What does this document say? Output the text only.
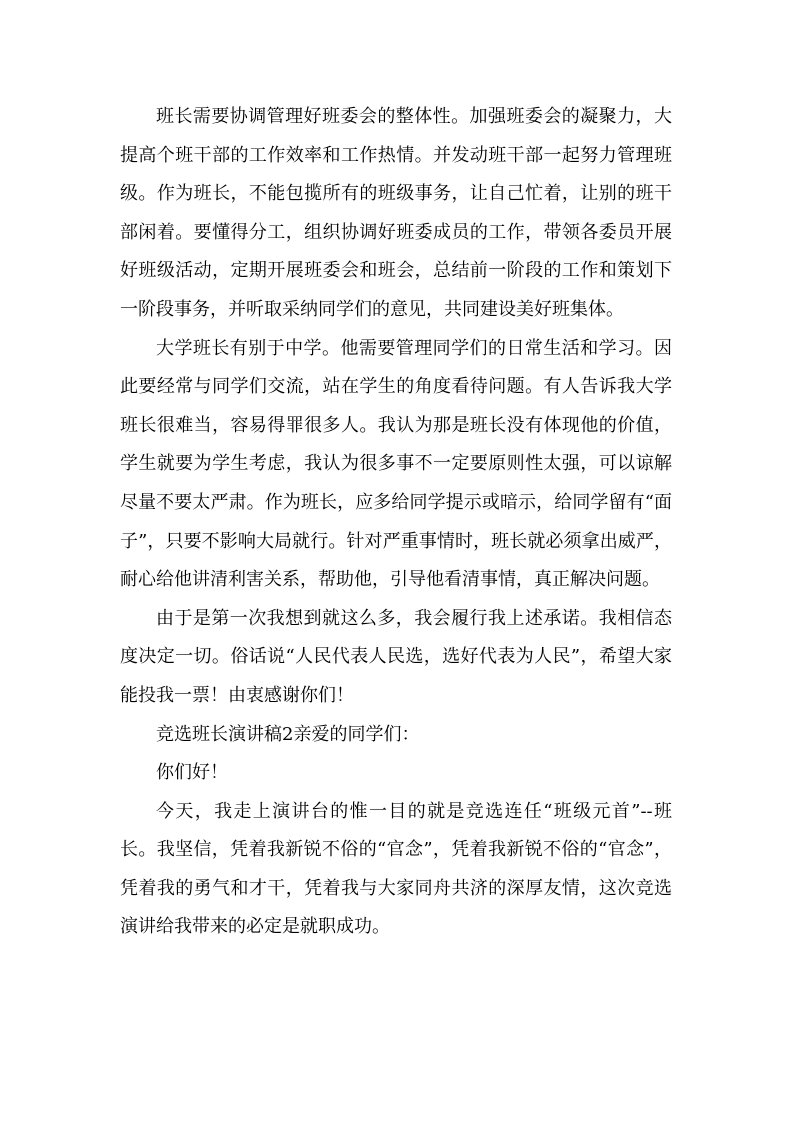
班长需要协调管理好班委会的整体性。加强班委会的凝聚力，大提高个班干部的工作效率和工作热情。并发动班干部一起努力管理班级。作为班长，不能包揽所有的班级事务，让自己忙着，让别的班干部闲着。要懂得分工，组织协调好班委成员的工作，带领各委员开展好班级活动，定期开展班委会和班会，总结前一阶段的工作和策划下一阶段事务，并听取采纳同学们的意见，共同建设美好班集体。

大学班长有别于中学。他需要管理同学们的日常生活和学习。因此要经常与同学们交流，站在学生的角度看待问题。有人告诉我大学班长很难当，容易得罪很多人。我认为那是班长没有体现他的价值，学生就要为学生考虑，我认为很多事不一定要原则性太强，可以谅解尽量不要太严肃。作为班长，应多给同学提示或暗示，给同学留有“面子”，只要不影响大局就行。针对严重事情时，班长就必须拿出威严，耐心给他讲清利害关系，帮助他，引导他看清事情，真正解决问题。

由于是第一次我想到就这么多，我会履行我上述承诺。我相信态度决定一切。俗话说“人民代表人民选，选好代表为人民”，希望大家能投我一票！由衷感谢你们！

竞选班长演讲稿2亲爱的同学们：

你们好！

今天，我走上演讲台的惟一目的就是竞选连任“班级元首”--班长。我坚信，凭着我新锐不俗的“官念”，凭着我新锐不俗的“官念”，凭着我的勇气和才干，凭着我与大家同舟共济的深厚友情，这次竞选演讲给我带来的必定是就职成功。
